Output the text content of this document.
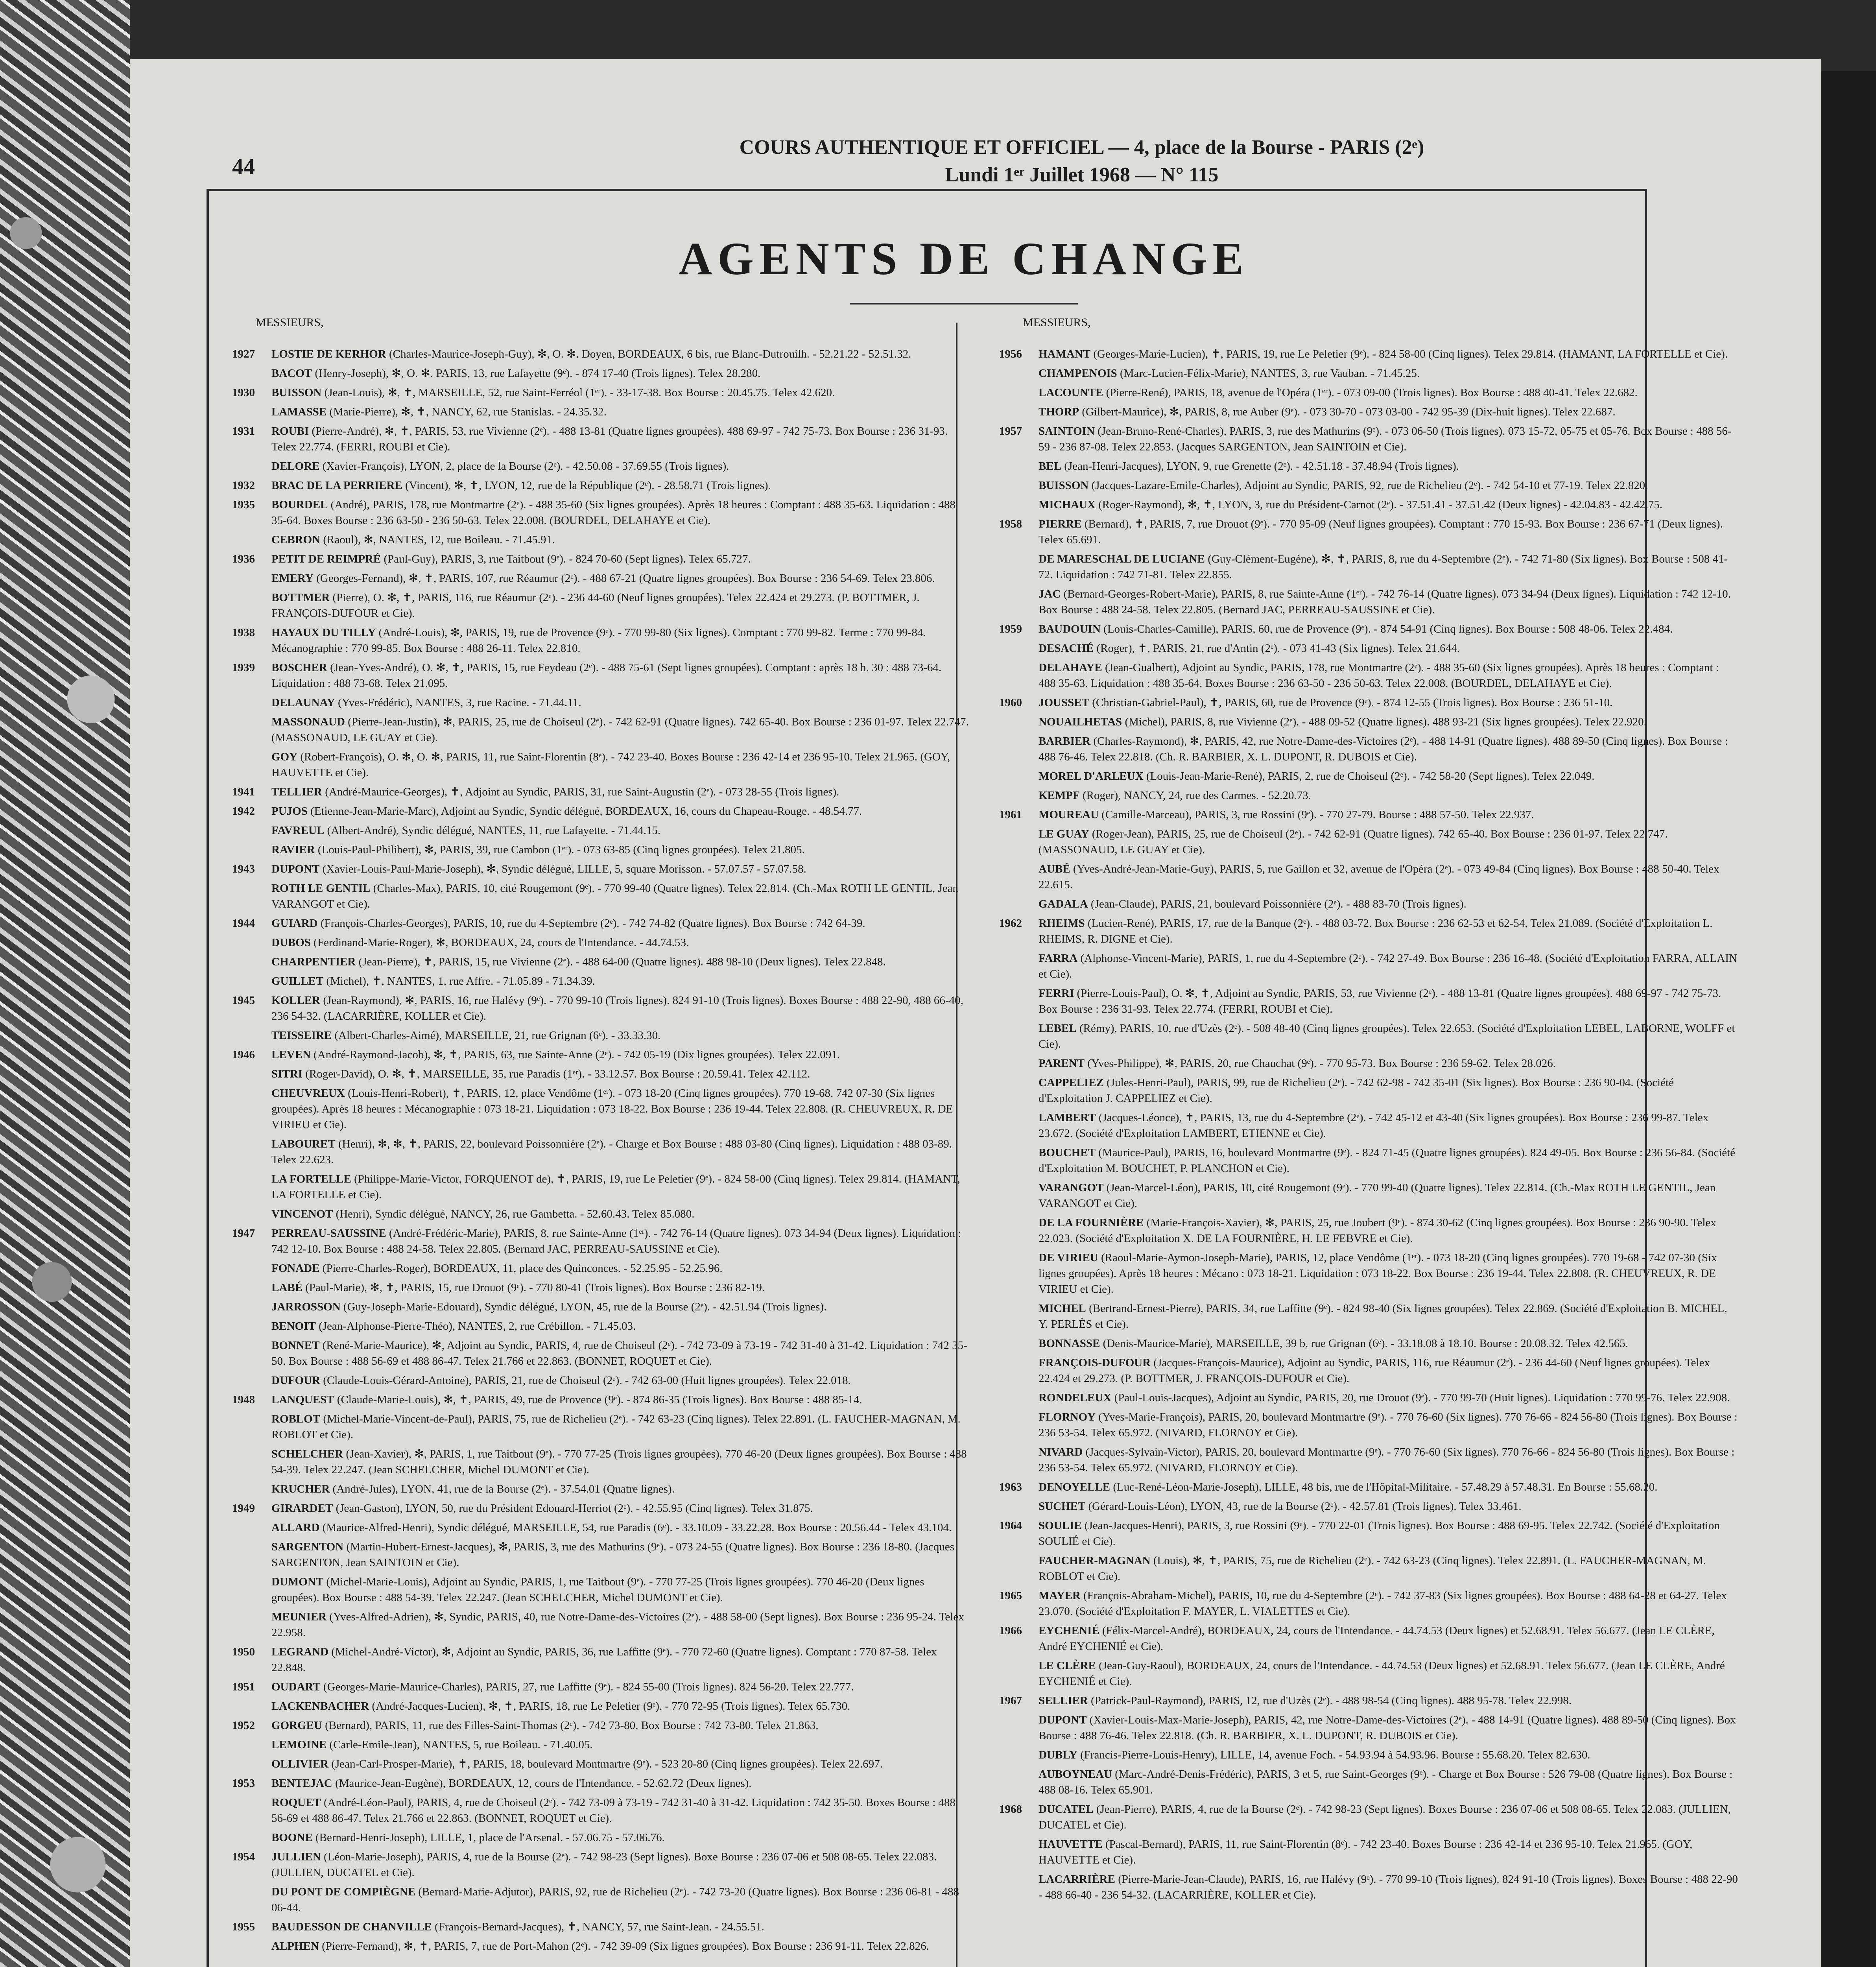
44
COURS AUTHENTIQUE ET OFFICIEL — 4, place de la Bourse - PARIS (2ᵉ)
Lundi 1ᵉʳ Juillet 1968 — N° 115
AGENTS DE CHANGE
MESSIEURS,
1927	LOSTIE DE KERHOR (Charles-Maurice-Joseph-Guy), ✻, O. ✻. Doyen, BORDEAUX, 6 bis, rue Blanc-Dutrouilh. - 52.21.22 - 52.51.32.
BACOT (Henry-Joseph), ✻, O. ✻. PARIS, 13, rue Lafayette (9ᵉ). - 874 17-40 (Trois lignes). Telex 28.280.
1930	BUISSON (Jean-Louis), ✻, ✝, MARSEILLE, 52, rue Saint-Ferréol (1ᵉʳ). - 33-17-38. Box Bourse : 20.45.75. Telex 42.620.
LAMASSE (Marie-Pierre), ✻, ✝, NANCY, 62, rue Stanislas. - 24.35.32.
1931	ROUBI (Pierre-André), ✻, ✝, PARIS, 53, rue Vivienne (2ᵉ). - 488 13-81 (Quatre lignes groupées). 488 69-97 - 742 75-73. Box Bourse : 236 31-93. Telex 22.774. (FERRI, ROUBI et Cie).
DELORE (Xavier-François), LYON, 2, place de la Bourse (2ᵉ). - 42.50.08 - 37.69.55 (Trois lignes).
1932	BRAC DE LA PERRIERE (Vincent), ✻, ✝, LYON, 12, rue de la République (2ᵉ). - 28.58.71 (Trois lignes).
1935	BOURDEL (André), PARIS, 178, rue Montmartre (2ᵉ). - 488 35-60 (Six lignes groupées). Après 18 heures : Comptant : 488 35-63. Liquidation : 488 35-64. Boxes Bourse : 236 63-50 - 236 50-63. Telex 22.008. (BOURDEL, DELAHAYE et Cie).
CEBRON (Raoul), ✻, NANTES, 12, rue Boileau. - 71.45.91.
1936	PETIT DE REIMPRÉ (Paul-Guy), PARIS, 3, rue Taitbout (9ᵉ). - 824 70-60 (Sept lignes). Telex 65.727.
EMERY (Georges-Fernand), ✻, ✝, PARIS, 107, rue Réaumur (2ᵉ). - 488 67-21 (Quatre lignes groupées). Box Bourse : 236 54-69. Telex 23.806.
BOTTMER (Pierre), O. ✻, ✝, PARIS, 116, rue Réaumur (2ᵉ). - 236 44-60 (Neuf lignes groupées). Telex 22.424 et 29.273. (P. BOTTMER, J. FRANÇOIS-DUFOUR et Cie).
1938	HAYAUX DU TILLY (André-Louis), ✻, PARIS, 19, rue de Provence (9ᵉ). - 770 99-80 (Six lignes). Comptant : 770 99-82. Terme : 770 99-84. Mécanographie : 770 99-85. Box Bourse : 488 26-11. Telex 22.810.
1939	BOSCHER (Jean-Yves-André), O. ✻, ✝, PARIS, 15, rue Feydeau (2ᵉ). - 488 75-61 (Sept lignes groupées). Comptant : après 18 h. 30 : 488 73-64. Liquidation : 488 73-68. Telex 21.095.
DELAUNAY (Yves-Frédéric), NANTES, 3, rue Racine. - 71.44.11.
MASSONAUD (Pierre-Jean-Justin), ✻, PARIS, 25, rue de Choiseul (2ᵉ). - 742 62-91 (Quatre lignes). 742 65-40. Box Bourse : 236 01-97. Telex 22.747. (MASSONAUD, LE GUAY et Cie).
GOY (Robert-François), O. ✻, O. ✻, PARIS, 11, rue Saint-Florentin (8ᵉ). - 742 23-40. Boxes Bourse : 236 42-14 et 236 95-10. Telex 21.965. (GOY, HAUVETTE et Cie).
1941	TELLIER (André-Maurice-Georges), ✝, Adjoint au Syndic, PARIS, 31, rue Saint-Augustin (2ᵉ). - 073 28-55 (Trois lignes).
1942	PUJOS (Etienne-Jean-Marie-Marc), Adjoint au Syndic, Syndic délégué, BORDEAUX, 16, cours du Chapeau-Rouge. - 48.54.77.
FAVREUL (Albert-André), Syndic délégué, NANTES, 11, rue Lafayette. - 71.44.15.
RAVIER (Louis-Paul-Philibert), ✻, PARIS, 39, rue Cambon (1ᵉʳ). - 073 63-85 (Cinq lignes groupées). Telex 21.805.
1943	DUPONT (Xavier-Louis-Paul-Marie-Joseph), ✻, Syndic délégué, LILLE, 5, square Morisson. - 57.07.57 - 57.07.58.
ROTH LE GENTIL (Charles-Max), PARIS, 10, cité Rougemont (9ᵉ). - 770 99-40 (Quatre lignes). Telex 22.814. (Ch.-Max ROTH LE GENTIL, Jean VARANGOT et Cie).
1944	GUIARD (François-Charles-Georges), PARIS, 10, rue du 4-Septembre (2ᵉ). - 742 74-82 (Quatre lignes). Box Bourse : 742 64-39.
DUBOS (Ferdinand-Marie-Roger), ✻, BORDEAUX, 24, cours de l'Intendance. - 44.74.53.
CHARPENTIER (Jean-Pierre), ✝, PARIS, 15, rue Vivienne (2ᵉ). - 488 64-00 (Quatre lignes). 488 98-10 (Deux lignes). Telex 22.848.
GUILLET (Michel), ✝, NANTES, 1, rue Affre. - 71.05.89 - 71.34.39.
1945	KOLLER (Jean-Raymond), ✻, PARIS, 16, rue Halévy (9ᵉ). - 770 99-10 (Trois lignes). 824 91-10 (Trois lignes). Boxes Bourse : 488 22-90, 488 66-40, 236 54-32. (LACARRIÈRE, KOLLER et Cie).
TEISSEIRE (Albert-Charles-Aimé), MARSEILLE, 21, rue Grignan (6ᵉ). - 33.33.30.
1946	LEVEN (André-Raymond-Jacob), ✻, ✝, PARIS, 63, rue Sainte-Anne (2ᵉ). - 742 05-19 (Dix lignes groupées). Telex 22.091.
SITRI (Roger-David), O. ✻, ✝, MARSEILLE, 35, rue Paradis (1ᵉʳ). - 33.12.57. Box Bourse : 20.59.41. Telex 42.112.
CHEUVREUX (Louis-Henri-Robert), ✝, PARIS, 12, place Vendôme (1ᵉʳ). - 073 18-20 (Cinq lignes groupées). 770 19-68. 742 07-30 (Six lignes groupées). Après 18 heures : Mécanographie : 073 18-21. Liquidation : 073 18-22. Box Bourse : 236 19-44. Telex 22.808. (R. CHEUVREUX, R. DE VIRIEU et Cie).
LABOURET (Henri), ✻, ✻, ✝, PARIS, 22, boulevard Poissonnière (2ᵉ). - Charge et Box Bourse : 488 03-80 (Cinq lignes). Liquidation : 488 03-89. Telex 22.623.
LA FORTELLE (Philippe-Marie-Victor, FORQUENOT de), ✝, PARIS, 19, rue Le Peletier (9ᵉ). - 824 58-00 (Cinq lignes). Telex 29.814. (HAMANT, LA FORTELLE et Cie).
VINCENOT (Henri), Syndic délégué, NANCY, 26, rue Gambetta. - 52.60.43. Telex 85.080.
1947	PERREAU-SAUSSINE (André-Frédéric-Marie), PARIS, 8, rue Sainte-Anne (1ᵉʳ). - 742 76-14 (Quatre lignes). 073 34-94 (Deux lignes). Liquidation : 742 12-10. Box Bourse : 488 24-58. Telex 22.805. (Bernard JAC, PERREAU-SAUSSINE et Cie).
FONADE (Pierre-Charles-Roger), BORDEAUX, 11, place des Quinconces. - 52.25.95 - 52.25.96.
LABÉ (Paul-Marie), ✻, ✝, PARIS, 15, rue Drouot (9ᵉ). - 770 80-41 (Trois lignes). Box Bourse : 236 82-19.
JARROSSON (Guy-Joseph-Marie-Edouard), Syndic délégué, LYON, 45, rue de la Bourse (2ᵉ). - 42.51.94 (Trois lignes).
BENOIT (Jean-Alphonse-Pierre-Théo), NANTES, 2, rue Crébillon. - 71.45.03.
BONNET (René-Marie-Maurice), ✻, Adjoint au Syndic, PARIS, 4, rue de Choiseul (2ᵉ). - 742 73-09 à 73-19 - 742 31-40 à 31-42. Liquidation : 742 35-50. Box Bourse : 488 56-69 et 488 86-47. Telex 21.766 et 22.863. (BONNET, ROQUET et Cie).
DUFOUR (Claude-Louis-Gérard-Antoine), PARIS, 21, rue de Choiseul (2ᵉ). - 742 63-00 (Huit lignes groupées). Telex 22.018.
1948	LANQUEST (Claude-Marie-Louis), ✻, ✝, PARIS, 49, rue de Provence (9ᵉ). - 874 86-35 (Trois lignes). Box Bourse : 488 85-14.
ROBLOT (Michel-Marie-Vincent-de-Paul), PARIS, 75, rue de Richelieu (2ᵉ). - 742 63-23 (Cinq lignes). Telex 22.891. (L. FAUCHER-MAGNAN, M. ROBLOT et Cie).
SCHELCHER (Jean-Xavier), ✻, PARIS, 1, rue Taitbout (9ᵉ). - 770 77-25 (Trois lignes groupées). 770 46-20 (Deux lignes groupées). Box Bourse : 488 54-39. Telex 22.247. (Jean SCHELCHER, Michel DUMONT et Cie).
KRUCHER (André-Jules), LYON, 41, rue de la Bourse (2ᵉ). - 37.54.01 (Quatre lignes).
1949	GIRARDET (Jean-Gaston), LYON, 50, rue du Président Edouard-Herriot (2ᵉ). - 42.55.95 (Cinq lignes). Telex 31.875.
ALLARD (Maurice-Alfred-Henri), Syndic délégué, MARSEILLE, 54, rue Paradis (6ᵉ). - 33.10.09 - 33.22.28. Box Bourse : 20.56.44 - Telex 43.104.
SARGENTON (Martin-Hubert-Ernest-Jacques), ✻, PARIS, 3, rue des Mathurins (9ᵉ). - 073 24-55 (Quatre lignes). Box Bourse : 236 18-80. (Jacques SARGENTON, Jean SAINTOIN et Cie).
DUMONT (Michel-Marie-Louis), Adjoint au Syndic, PARIS, 1, rue Taitbout (9ᵉ). - 770 77-25 (Trois lignes groupées). 770 46-20 (Deux lignes groupées). Box Bourse : 488 54-39. Telex 22.247. (Jean SCHELCHER, Michel DUMONT et Cie).
MEUNIER (Yves-Alfred-Adrien), ✻, Syndic, PARIS, 40, rue Notre-Dame-des-Victoires (2ᵉ). - 488 58-00 (Sept lignes). Box Bourse : 236 95-24. Telex 22.958.
1950	LEGRAND (Michel-André-Victor), ✻, Adjoint au Syndic, PARIS, 36, rue Laffitte (9ᵉ). - 770 72-60 (Quatre lignes). Comptant : 770 87-58. Telex 22.848.
1951	OUDART (Georges-Marie-Maurice-Charles), PARIS, 27, rue Laffitte (9ᵉ). - 824 55-00 (Trois lignes). 824 56-20. Telex 22.777.
LACKENBACHER (André-Jacques-Lucien), ✻, ✝, PARIS, 18, rue Le Peletier (9ᵉ). - 770 72-95 (Trois lignes). Telex 65.730.
1952	GORGEU (Bernard), PARIS, 11, rue des Filles-Saint-Thomas (2ᵉ). - 742 73-80. Box Bourse : 742 73-80. Telex 21.863.
LEMOINE (Carle-Emile-Jean), NANTES, 5, rue Boileau. - 71.40.05.
OLLIVIER (Jean-Carl-Prosper-Marie), ✝, PARIS, 18, boulevard Montmartre (9ᵉ). - 523 20-80 (Cinq lignes groupées). Telex 22.697.
1953	BENTEJAC (Maurice-Jean-Eugène), BORDEAUX, 12, cours de l'Intendance. - 52.62.72 (Deux lignes).
ROQUET (André-Léon-Paul), PARIS, 4, rue de Choiseul (2ᵉ). - 742 73-09 à 73-19 - 742 31-40 à 31-42. Liquidation : 742 35-50. Boxes Bourse : 488 56-69 et 488 86-47. Telex 21.766 et 22.863. (BONNET, ROQUET et Cie).
BOONE (Bernard-Henri-Joseph), LILLE, 1, place de l'Arsenal. - 57.06.75 - 57.06.76.
1954	JULLIEN (Léon-Marie-Joseph), PARIS, 4, rue de la Bourse (2ᵉ). - 742 98-23 (Sept lignes). Boxe Bourse : 236 07-06 et 508 08-65. Telex 22.083. (JULLIEN, DUCATEL et Cie).
DU PONT DE COMPIÈGNE (Bernard-Marie-Adjutor), PARIS, 92, rue de Richelieu (2ᵉ). - 742 73-20 (Quatre lignes). Box Bourse : 236 06-81 - 488 06-44.
1955	BAUDESSON DE CHANVILLE (François-Bernard-Jacques), ✝, NANCY, 57, rue Saint-Jean. - 24.55.51.
ALPHEN (Pierre-Fernand), ✻, ✝, PARIS, 7, rue de Port-Mahon (2ᵉ). - 742 39-09 (Six lignes groupées). Box Bourse : 236 91-11. Telex 22.826.
MESSIEURS,
1956	HAMANT (Georges-Marie-Lucien), ✝, PARIS, 19, rue Le Peletier (9ᵉ). - 824 58-00 (Cinq lignes). Telex 29.814. (HAMANT, LA FORTELLE et Cie).
CHAMPENOIS (Marc-Lucien-Félix-Marie), NANTES, 3, rue Vauban. - 71.45.25.
LACOUNTE (Pierre-René), PARIS, 18, avenue de l'Opéra (1ᵉʳ). - 073 09-00 (Trois lignes). Box Bourse : 488 40-41. Telex 22.682.
THORP (Gilbert-Maurice), ✻, PARIS, 8, rue Auber (9ᵉ). - 073 30-70 - 073 03-00 - 742 95-39 (Dix-huit lignes). Telex 22.687.
1957	SAINTOIN (Jean-Bruno-René-Charles), PARIS, 3, rue des Mathurins (9ᵉ). - 073 06-50 (Trois lignes). 073 15-72, 05-75 et 05-76. Box Bourse : 488 56-59 - 236 87-08. Telex 22.853. (Jacques SARGENTON, Jean SAINTOIN et Cie).
BEL (Jean-Henri-Jacques), LYON, 9, rue Grenette (2ᵉ). - 42.51.18 - 37.48.94 (Trois lignes).
BUISSON (Jacques-Lazare-Emile-Charles), Adjoint au Syndic, PARIS, 92, rue de Richelieu (2ᵉ). - 742 54-10 et 77-19. Telex 22.820.
MICHAUX (Roger-Raymond), ✻, ✝, LYON, 3, rue du Président-Carnot (2ᵉ). - 37.51.41 - 37.51.42 (Deux lignes) - 42.04.83 - 42.42.75.
1958	PIERRE (Bernard), ✝, PARIS, 7, rue Drouot (9ᵉ). - 770 95-09 (Neuf lignes groupées). Comptant : 770 15-93. Box Bourse : 236 67-71 (Deux lignes). Telex 65.691.
DE MARESCHAL DE LUCIANE (Guy-Clément-Eugène), ✻, ✝, PARIS, 8, rue du 4-Septembre (2ᵉ). - 742 71-80 (Six lignes). Box Bourse : 508 41-72. Liquidation : 742 71-81. Telex 22.855.
JAC (Bernard-Georges-Robert-Marie), PARIS, 8, rue Sainte-Anne (1ᵉʳ). - 742 76-14 (Quatre lignes). 073 34-94 (Deux lignes). Liquidation : 742 12-10. Box Bourse : 488 24-58. Telex 22.805. (Bernard JAC, PERREAU-SAUSSINE et Cie).
1959	BAUDOUIN (Louis-Charles-Camille), PARIS, 60, rue de Provence (9ᵉ). - 874 54-91 (Cinq lignes). Box Bourse : 508 48-06. Telex 22.484.
DESACHÉ (Roger), ✝, PARIS, 21, rue d'Antin (2ᵉ). - 073 41-43 (Six lignes). Telex 21.644.
DELAHAYE (Jean-Gualbert), Adjoint au Syndic, PARIS, 178, rue Montmartre (2ᵉ). - 488 35-60 (Six lignes groupées). Après 18 heures : Comptant : 488 35-63. Liquidation : 488 35-64. Boxes Bourse : 236 63-50 - 236 50-63. Telex 22.008. (BOURDEL, DELAHAYE et Cie).
1960	JOUSSET (Christian-Gabriel-Paul), ✝, PARIS, 60, rue de Provence (9ᵉ). - 874 12-55 (Trois lignes). Box Bourse : 236 51-10.
NOUAILHETAS (Michel), PARIS, 8, rue Vivienne (2ᵉ). - 488 09-52 (Quatre lignes). 488 93-21 (Six lignes groupées). Telex 22.920.
BARBIER (Charles-Raymond), ✻, PARIS, 42, rue Notre-Dame-des-Victoires (2ᵉ). - 488 14-91 (Quatre lignes). 488 89-50 (Cinq lignes). Box Bourse : 488 76-46. Telex 22.818. (Ch. R. BARBIER, X. L. DUPONT, R. DUBOIS et Cie).
MOREL D'ARLEUX (Louis-Jean-Marie-René), PARIS, 2, rue de Choiseul (2ᵉ). - 742 58-20 (Sept lignes). Telex 22.049.
KEMPF (Roger), NANCY, 24, rue des Carmes. - 52.20.73.
1961	MOUREAU (Camille-Marceau), PARIS, 3, rue Rossini (9ᵉ). - 770 27-79. Bourse : 488 57-50. Telex 22.937.
LE GUAY (Roger-Jean), PARIS, 25, rue de Choiseul (2ᵉ). - 742 62-91 (Quatre lignes). 742 65-40. Box Bourse : 236 01-97. Telex 22.747. (MASSONAUD, LE GUAY et Cie).
AUBÉ (Yves-André-Jean-Marie-Guy), PARIS, 5, rue Gaillon et 32, avenue de l'Opéra (2ᵉ). - 073 49-84 (Cinq lignes). Box Bourse : 488 50-40. Telex 22.615.
GADALA (Jean-Claude), PARIS, 21, boulevard Poissonnière (2ᵉ). - 488 83-70 (Trois lignes).
1962	RHEIMS (Lucien-René), PARIS, 17, rue de la Banque (2ᵉ). - 488 03-72. Box Bourse : 236 62-53 et 62-54. Telex 21.089. (Société d'Exploitation L. RHEIMS, R. DIGNE et Cie).
FARRA (Alphonse-Vincent-Marie), PARIS, 1, rue du 4-Septembre (2ᵉ). - 742 27-49. Box Bourse : 236 16-48. (Société d'Exploitation FARRA, ALLAIN et Cie).
FERRI (Pierre-Louis-Paul), O. ✻, ✝, Adjoint au Syndic, PARIS, 53, rue Vivienne (2ᵉ). - 488 13-81 (Quatre lignes groupées). 488 69-97 - 742 75-73. Box Bourse : 236 31-93. Telex 22.774. (FERRI, ROUBI et Cie).
LEBEL (Rémy), PARIS, 10, rue d'Uzès (2ᵉ). - 508 48-40 (Cinq lignes groupées). Telex 22.653. (Société d'Exploitation LEBEL, LABORNE, WOLFF et Cie).
PARENT (Yves-Philippe), ✻, PARIS, 20, rue Chauchat (9ᵉ). - 770 95-73. Box Bourse : 236 59-62. Telex 28.026.
CAPPELIEZ (Jules-Henri-Paul), PARIS, 99, rue de Richelieu (2ᵉ). - 742 62-98 - 742 35-01 (Six lignes). Box Bourse : 236 90-04. (Société d'Exploitation J. CAPPELIEZ et Cie).
LAMBERT (Jacques-Léonce), ✝, PARIS, 13, rue du 4-Septembre (2ᵉ). - 742 45-12 et 43-40 (Six lignes groupées). Box Bourse : 236 99-87. Telex 23.672. (Société d'Exploitation LAMBERT, ETIENNE et Cie).
BOUCHET (Maurice-Paul), PARIS, 16, boulevard Montmartre (9ᵉ). - 824 71-45 (Quatre lignes groupées). 824 49-05. Box Bourse : 236 56-84. (Société d'Exploitation M. BOUCHET, P. PLANCHON et Cie).
VARANGOT (Jean-Marcel-Léon), PARIS, 10, cité Rougemont (9ᵉ). - 770 99-40 (Quatre lignes). Telex 22.814. (Ch.-Max ROTH LE GENTIL, Jean VARANGOT et Cie).
DE LA FOURNIÈRE (Marie-François-Xavier), ✻, PARIS, 25, rue Joubert (9ᵉ). - 874 30-62 (Cinq lignes groupées). Box Bourse : 236 90-90. Telex 22.023. (Société d'Exploitation X. DE LA FOURNIÈRE, H. LE FEBVRE et Cie).
DE VIRIEU (Raoul-Marie-Aymon-Joseph-Marie), PARIS, 12, place Vendôme (1ᵉʳ). - 073 18-20 (Cinq lignes groupées). 770 19-68 - 742 07-30 (Six lignes groupées). Après 18 heures : Mécano : 073 18-21. Liquidation : 073 18-22. Box Bourse : 236 19-44. Telex 22.808. (R. CHEUVREUX, R. DE VIRIEU et Cie).
MICHEL (Bertrand-Ernest-Pierre), PARIS, 34, rue Laffitte (9ᵉ). - 824 98-40 (Six lignes groupées). Telex 22.869. (Société d'Exploitation B. MICHEL, Y. PERLÈS et Cie).
BONNASSE (Denis-Maurice-Marie), MARSEILLE, 39 b, rue Grignan (6ᵉ). - 33.18.08 à 18.10. Bourse : 20.08.32. Telex 42.565.
FRANÇOIS-DUFOUR (Jacques-François-Maurice), Adjoint au Syndic, PARIS, 116, rue Réaumur (2ᵉ). - 236 44-60 (Neuf lignes groupées). Telex 22.424 et 29.273. (P. BOTTMER, J. FRANÇOIS-DUFOUR et Cie).
RONDELEUX (Paul-Louis-Jacques), Adjoint au Syndic, PARIS, 20, rue Drouot (9ᵉ). - 770 99-70 (Huit lignes). Liquidation : 770 99-76. Telex 22.908.
FLORNOY (Yves-Marie-François), PARIS, 20, boulevard Montmartre (9ᵉ). - 770 76-60 (Six lignes). 770 76-66 - 824 56-80 (Trois lignes). Box Bourse : 236 53-54. Telex 65.972. (NIVARD, FLORNOY et Cie).
NIVARD (Jacques-Sylvain-Victor), PARIS, 20, boulevard Montmartre (9ᵉ). - 770 76-60 (Six lignes). 770 76-66 - 824 56-80 (Trois lignes). Box Bourse : 236 53-54. Telex 65.972. (NIVARD, FLORNOY et Cie).
1963	DENOYELLE (Luc-René-Léon-Marie-Joseph), LILLE, 48 bis, rue de l'Hôpital-Militaire. - 57.48.29 à 57.48.31. En Bourse : 55.68.20.
SUCHET (Gérard-Louis-Léon), LYON, 43, rue de la Bourse (2ᵉ). - 42.57.81 (Trois lignes). Telex 33.461.
1964	SOULIE (Jean-Jacques-Henri), PARIS, 3, rue Rossini (9ᵉ). - 770 22-01 (Trois lignes). Box Bourse : 488 69-95. Telex 22.742. (Société d'Exploitation SOULIÉ et Cie).
FAUCHER-MAGNAN (Louis), ✻, ✝, PARIS, 75, rue de Richelieu (2ᵉ). - 742 63-23 (Cinq lignes). Telex 22.891. (L. FAUCHER-MAGNAN, M. ROBLOT et Cie).
1965	MAYER (François-Abraham-Michel), PARIS, 10, rue du 4-Septembre (2ᵉ). - 742 37-83 (Six lignes groupées). Box Bourse : 488 64-28 et 64-27. Telex 23.070. (Société d'Exploitation F. MAYER, L. VIALETTES et Cie).
1966	EYCHENIÉ (Félix-Marcel-André), BORDEAUX, 24, cours de l'Intendance. - 44.74.53 (Deux lignes) et 52.68.91. Telex 56.677. (Jean LE CLÈRE, André EYCHENIÉ et Cie).
LE CLÈRE (Jean-Guy-Raoul), BORDEAUX, 24, cours de l'Intendance. - 44.74.53 (Deux lignes) et 52.68.91. Telex 56.677. (Jean LE CLÈRE, André EYCHENIÉ et Cie).
1967	SELLIER (Patrick-Paul-Raymond), PARIS, 12, rue d'Uzès (2ᵉ). - 488 98-54 (Cinq lignes). 488 95-78. Telex 22.998.
DUPONT (Xavier-Louis-Max-Marie-Joseph), PARIS, 42, rue Notre-Dame-des-Victoires (2ᵉ). - 488 14-91 (Quatre lignes). 488 89-50 (Cinq lignes). Box Bourse : 488 76-46. Telex 22.818. (Ch. R. BARBIER, X. L. DUPONT, R. DUBOIS et Cie).
DUBLY (Francis-Pierre-Louis-Henry), LILLE, 14, avenue Foch. - 54.93.94 à 54.93.96. Bourse : 55.68.20. Telex 82.630.
AUBOYNEAU (Marc-André-Denis-Frédéric), PARIS, 3 et 5, rue Saint-Georges (9ᵉ). - Charge et Box Bourse : 526 79-08 (Quatre lignes). Box Bourse : 488 08-16. Telex 65.901.
1968	DUCATEL (Jean-Pierre), PARIS, 4, rue de la Bourse (2ᵉ). - 742 98-23 (Sept lignes). Boxes Bourse : 236 07-06 et 508 08-65. Telex 22.083. (JULLIEN, DUCATEL et Cie).
HAUVETTE (Pascal-Bernard), PARIS, 11, rue Saint-Florentin (8ᵉ). - 742 23-40. Boxes Bourse : 236 42-14 et 236 95-10. Telex 21.965. (GOY, HAUVETTE et Cie).
LACARRIÈRE (Pierre-Marie-Jean-Claude), PARIS, 16, rue Halévy (9ᵉ). - 770 99-10 (Trois lignes). 824 91-10 (Trois lignes). Boxes Bourse : 488 22-90 - 488 66-40 - 236 54-32. (LACARRIÈRE, KOLLER et Cie).
